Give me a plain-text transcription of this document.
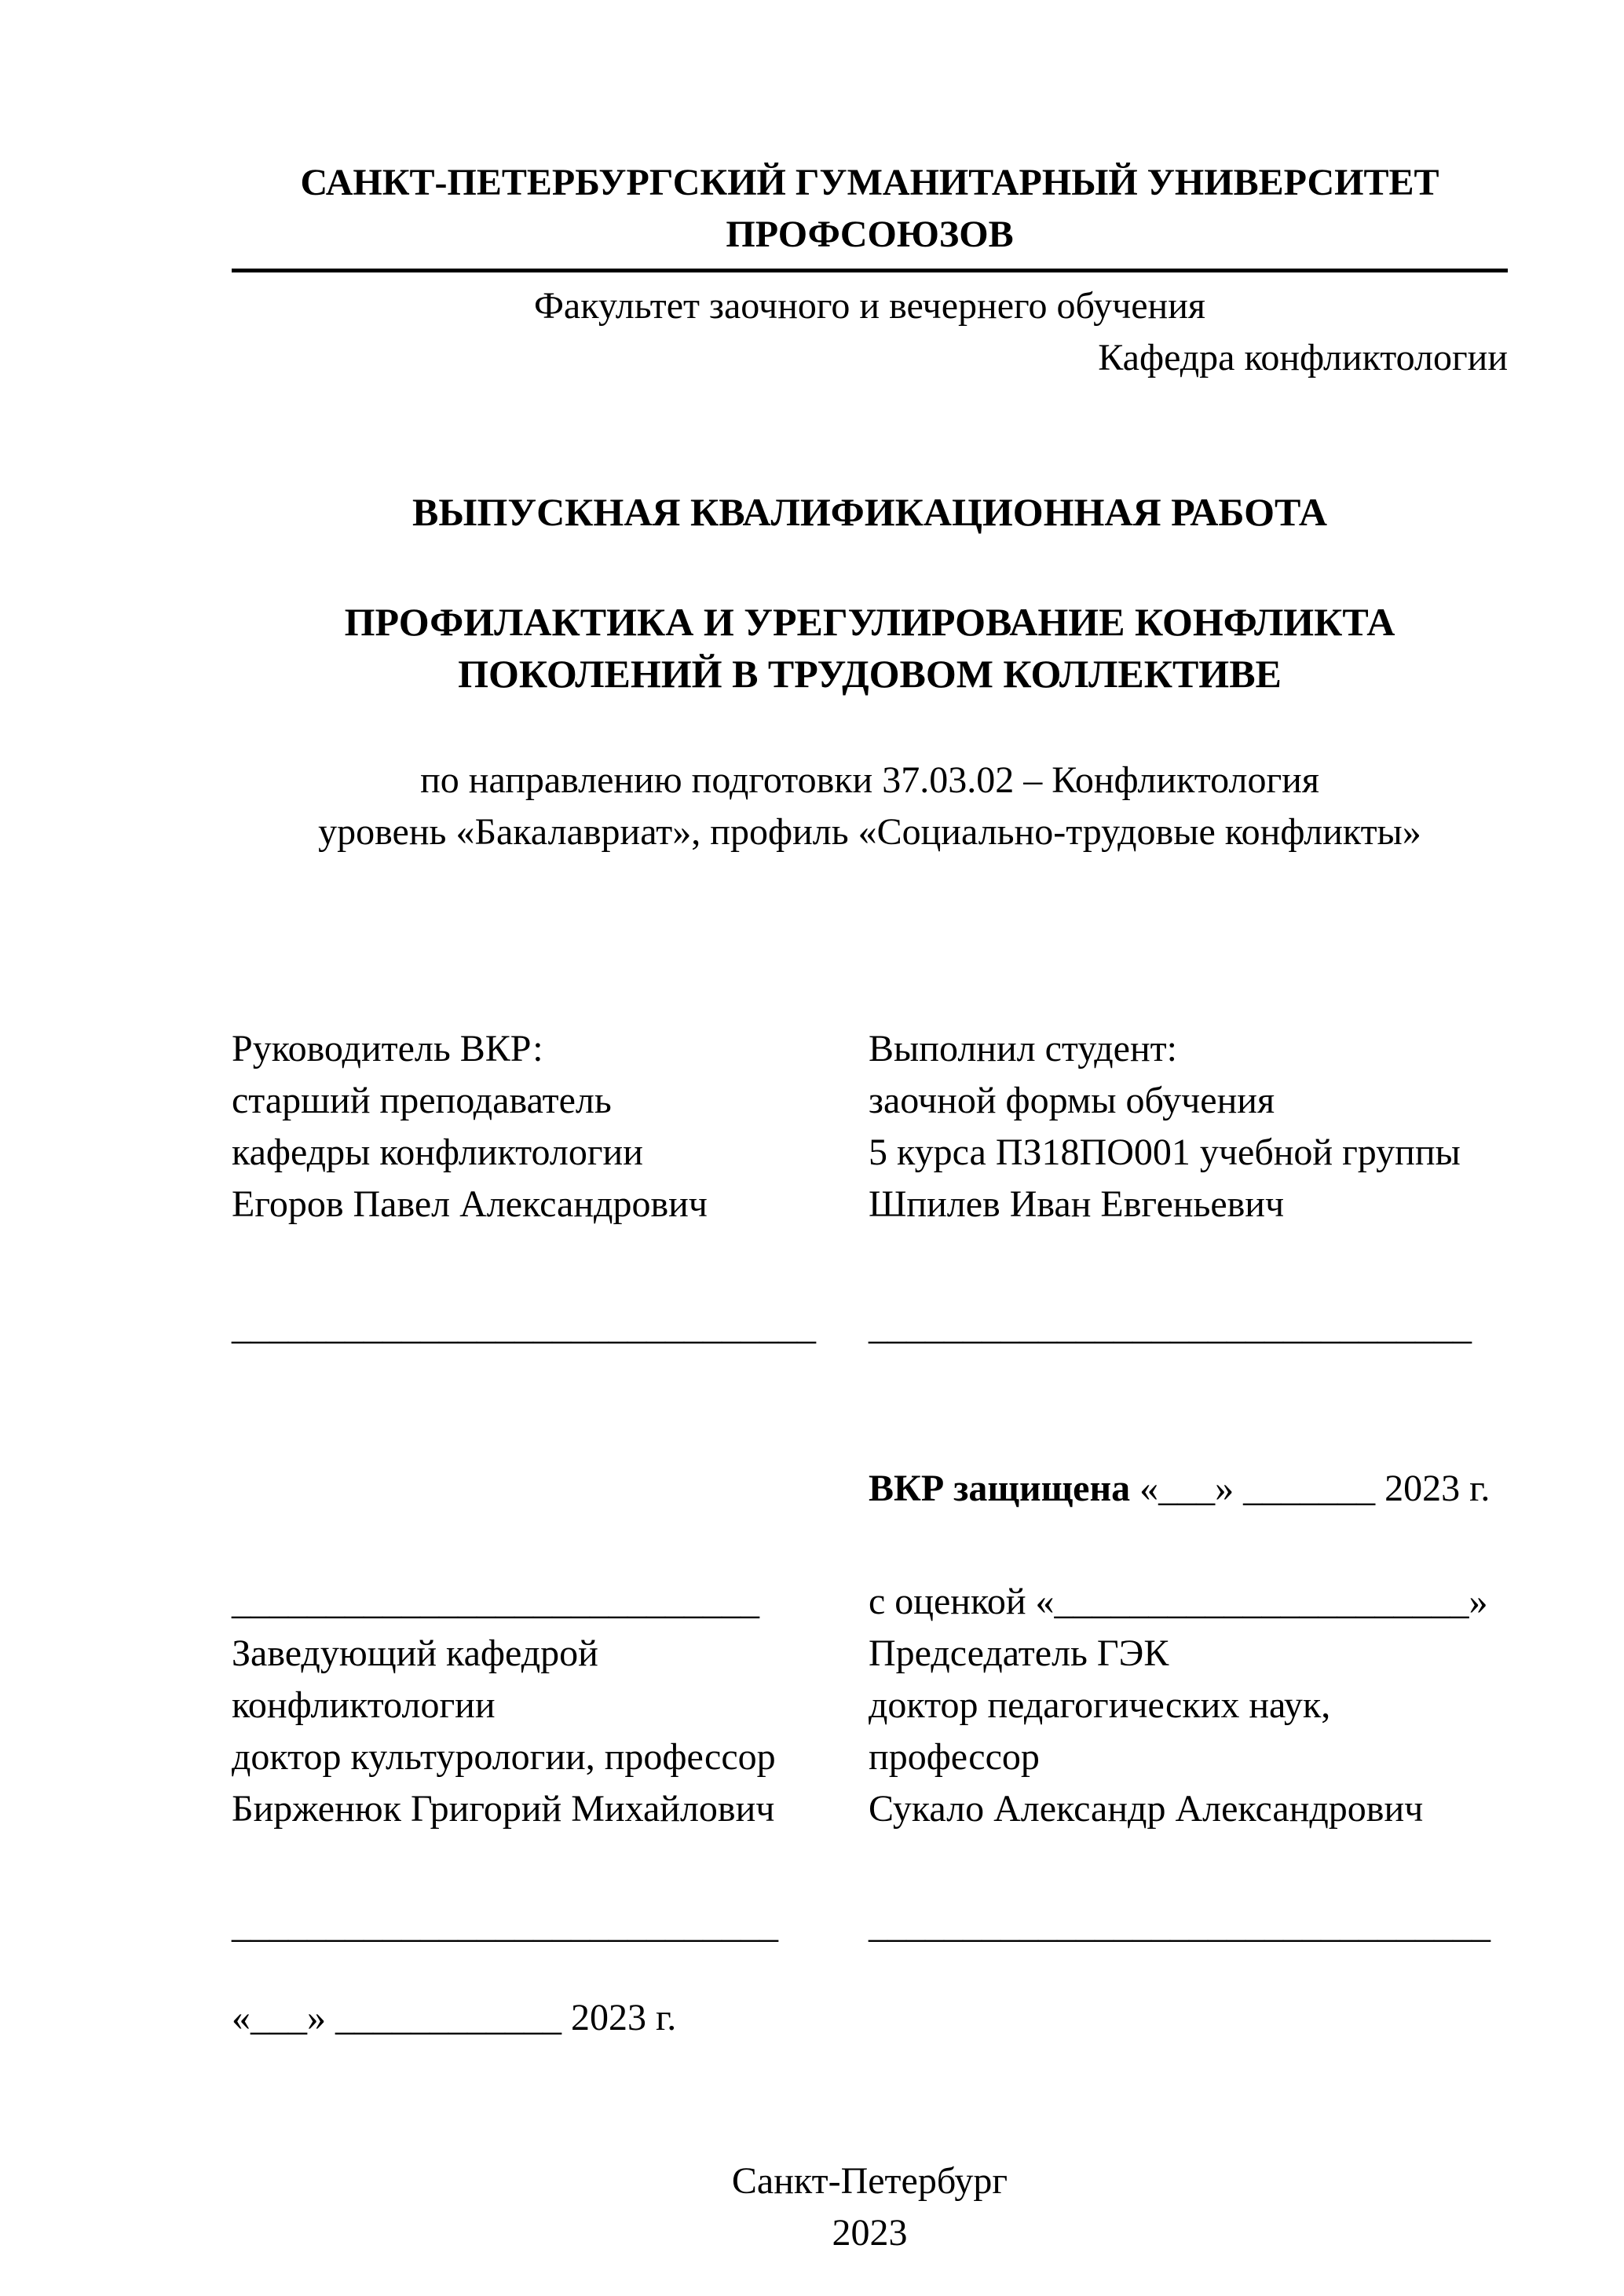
САНКТ-ПЕТЕРБУРГСКИЙ ГУМАНИТАРНЫЙ УНИВЕРСИТЕТ ПРОФСОЮЗОВ
Факультет заочного и вечернего обучения
Кафедра конфликтологии
ВЫПУСКНАЯ КВАЛИФИКАЦИОННАЯ РАБОТА
ПРОФИЛАКТИКА И УРЕГУЛИРОВАНИЕ КОНФЛИКТА
ПОКОЛЕНИЙ В ТРУДОВОМ КОЛЛЕКТИВЕ
по направлению подготовки 37.03.02 – Конфликтология
уровень «Бакалавриат», профиль «Социально-трудовые конфликты»
Руководитель ВКР:
старший преподаватель
кафедры конфликтологии
Егоров Павел Александрович
_______________________________
Выполнил студент:
заочной формы обучения
5 курса ПЗ18ПО001 учебной группы
Шпилев Иван Евгеньевич
________________________________
ВКР защищена «___» _______ 2023 г.
____________________________
Заведующий кафедрой
конфликтологии
доктор культурологии, профессор
Бирженюк Григорий Михайлович
с оценкой «______________________»
Председатель ГЭК
доктор педагогических наук,
профессор
Сукало Александр Александрович
_____________________________	_________________________________
«___» ____________ 2023 г.
Санкт-Петербург
2023
